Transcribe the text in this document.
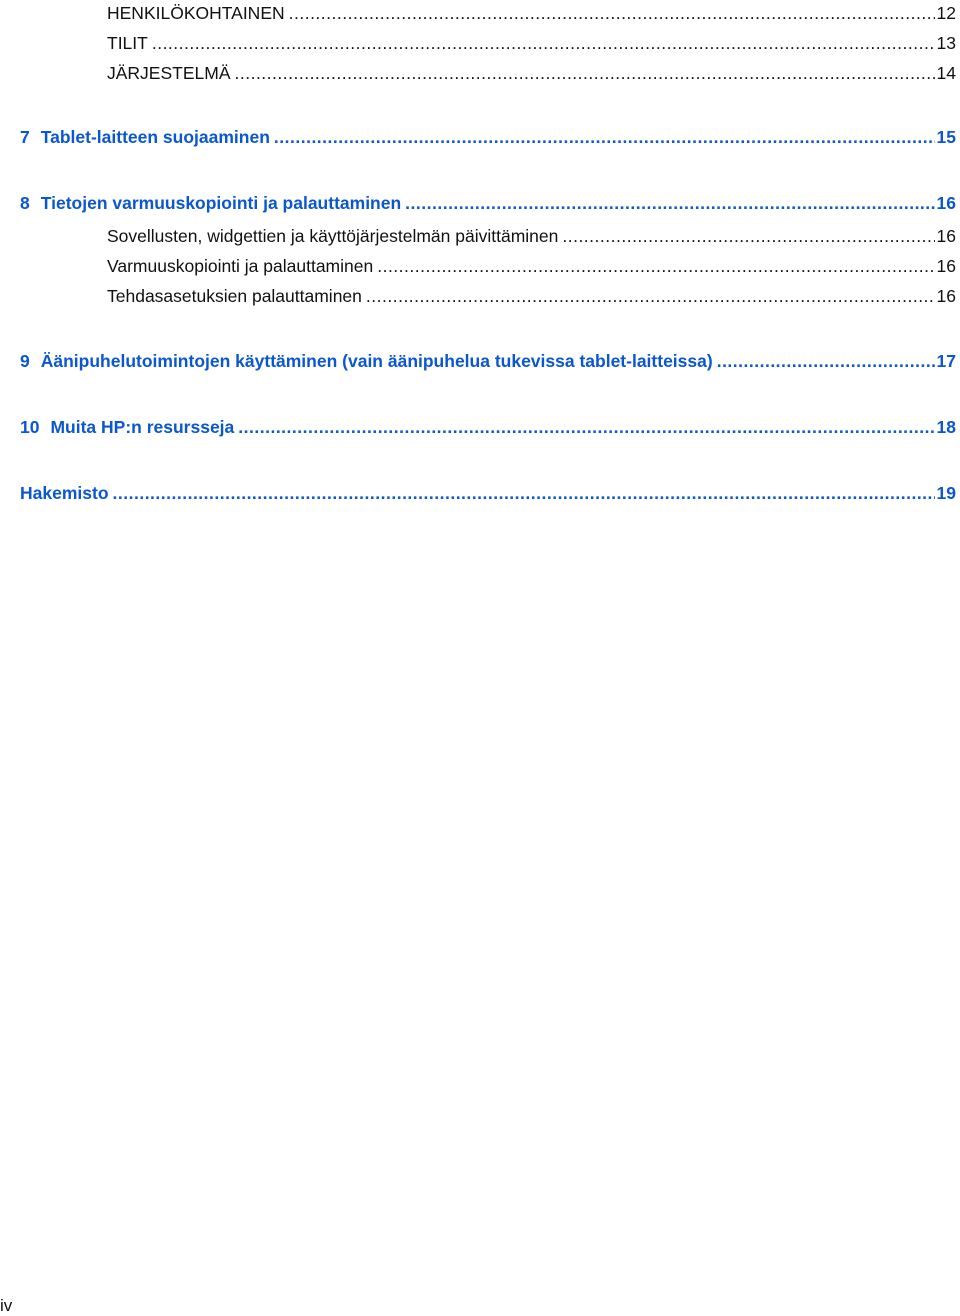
HENKILÖKOHTAINEN .....	12
TILIT .....	13
JÄRJESTELMÄ .....	14
7 Tablet-laitteen suojaaminen .....	15
8 Tietojen varmuuskopiointi ja palauttaminen .....	16
Sovellusten, widgettien ja käyttöjärjestelmän päivittäminen .....	16
Varmuuskopiointi ja palauttaminen .....	16
Tehdasasetuksien palauttaminen .....	16
9 Äänipuhelutoimintojen käyttäminen (vain äänipuhelua tukevissa tablet-laitteissa) .....	17
10 Muita HP:n resursseja .....	18
Hakemisto .....	19
iv
